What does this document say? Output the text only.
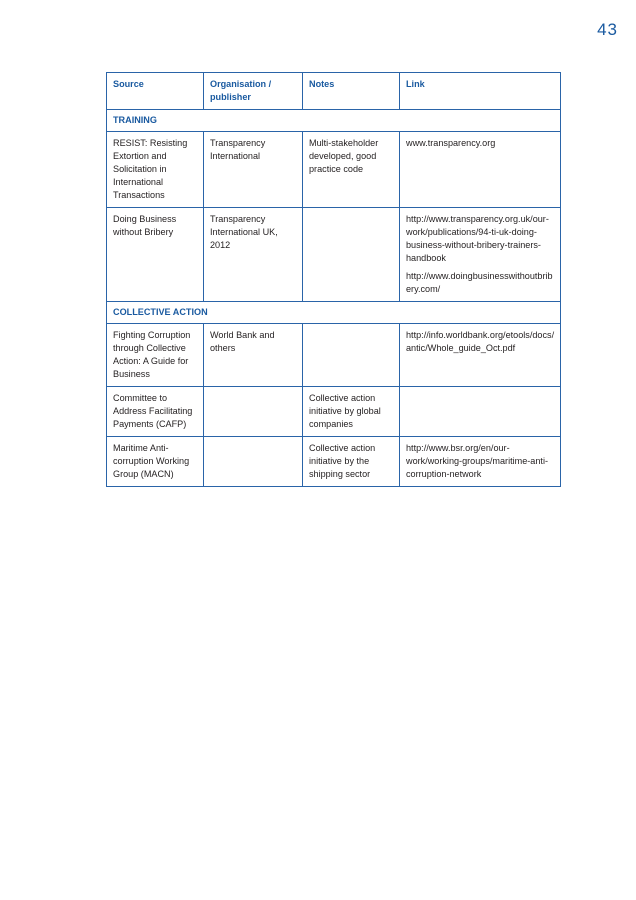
43
Source	Organisation / publisher	Notes	Link
TRAINING			
RESIST: Resisting Extortion and Solicitation in International Transactions	Transparency International	Multi-stakeholder developed, good practice code	www.transparency.org

Doing Business without Bribery	Transparency International UK, 2012		http://www.transparency.org.uk/our-work/publications/94-ti-uk-doing-business-without-bribery-trainers-handbook
http://www.doingbusinesswithoutbribery.com/

COLLECTIVE ACTION			
Fighting Corruption through Collective Action: A Guide for Business	World Bank and others		http://info.worldbank.org/etools/docs/antic/Whole_guide_Oct.pdf

Committee to Address Facilitating Payments (CAFP)		Collective action initiative by global companies	
Maritime Anti-corruption Working Group (MACN)		Collective action initiative by the shipping sector	http://www.bsr.org/en/our-work/working-groups/maritime-anti-corruption-network
